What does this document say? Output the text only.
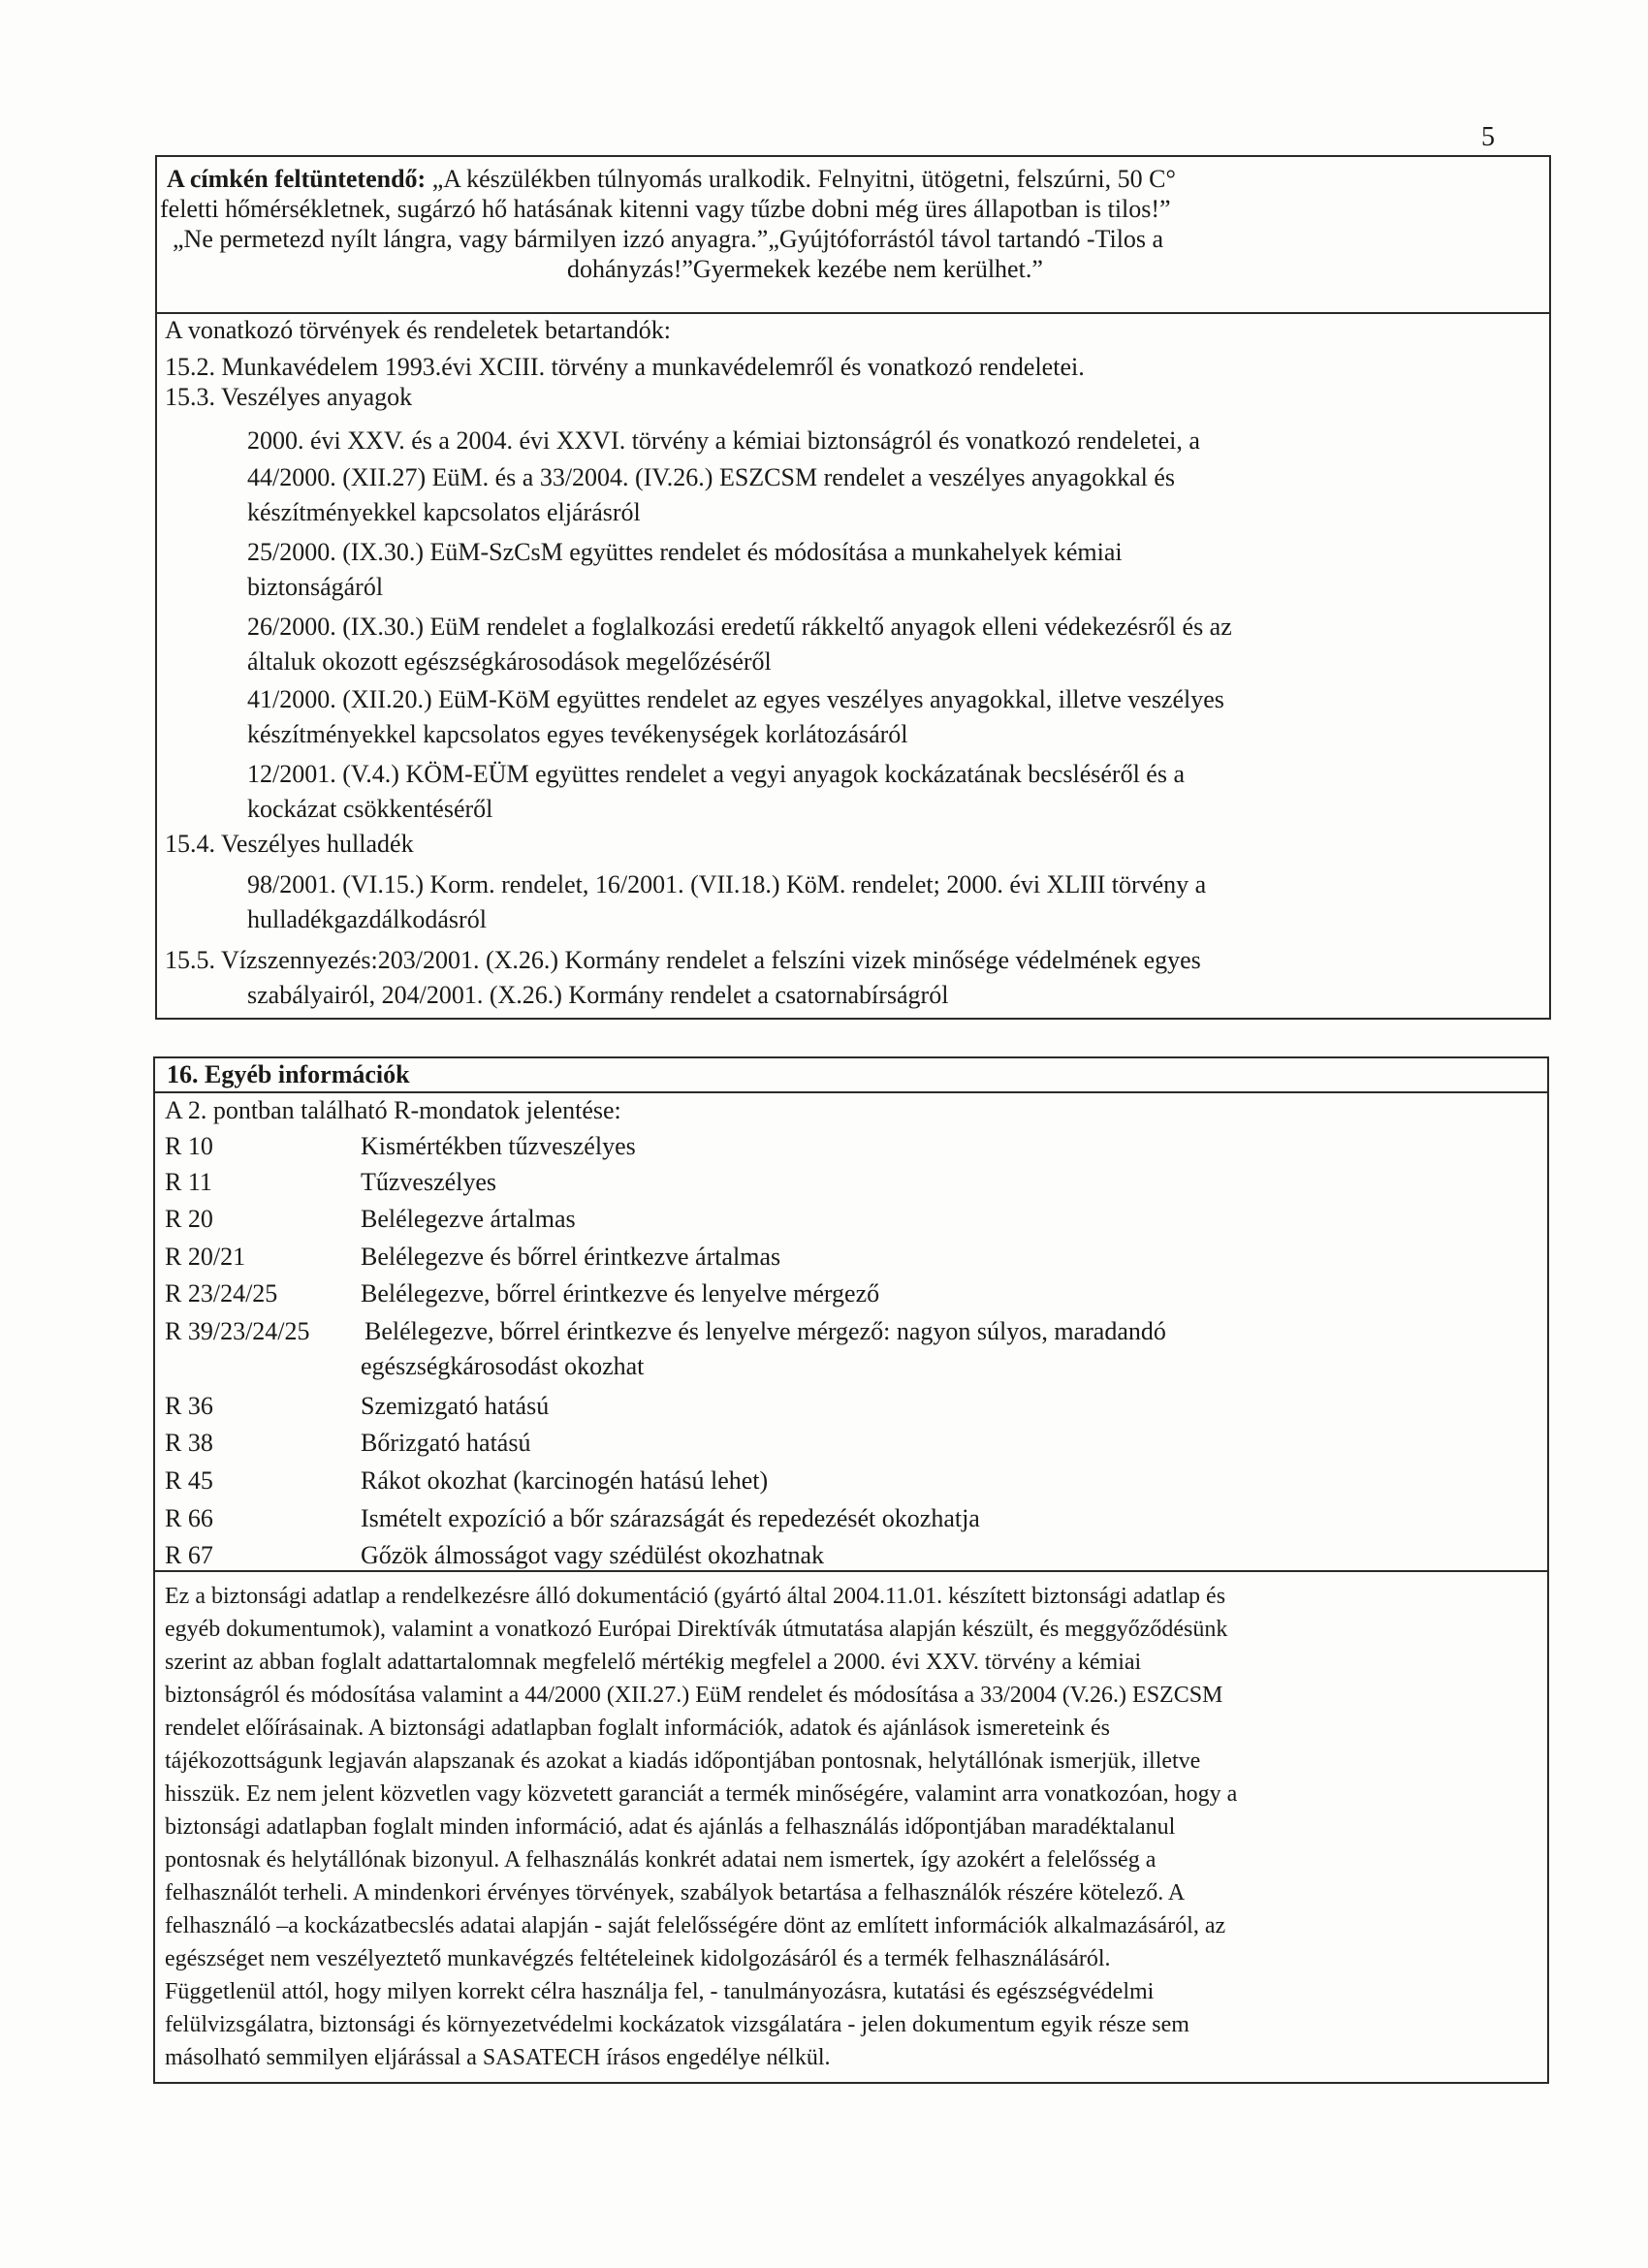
5
A címkén feltüntetendő: „A készülékben túlnyomás uralkodik. Felnyitni, ütögetni, felszúrni, 50 C°
feletti hőmérsékletnek, sugárzó hő hatásának kitenni vagy tűzbe dobni még üres állapotban is tilos!”
„Ne permetezd nyílt lángra, vagy bármilyen izzó anyagra.”„Gyújtóforrástól távol tartandó -Tilos a
dohányzás!”Gyermekek kezébe nem kerülhet.”
A vonatkozó törvények és rendeletek betartandók:
15.2. Munkavédelem 1993.évi XCIII. törvény a munkavédelemről és vonatkozó rendeletei.
15.3. Veszélyes anyagok
2000. évi XXV. és a 2004. évi XXVI. törvény a kémiai biztonságról és vonatkozó rendeletei, a
44/2000. (XII.27) EüM. és a 33/2004. (IV.26.) ESZCSM rendelet a veszélyes anyagokkal és
készítményekkel kapcsolatos eljárásról
25/2000. (IX.30.) EüM-SzCsM együttes rendelet és módosítása a munkahelyek kémiai
biztonságáról
26/2000. (IX.30.) EüM rendelet a foglalkozási eredetű rákkeltő anyagok elleni védekezésről és az
általuk okozott egészségkárosodások megelőzéséről
41/2000. (XII.20.) EüM-KöM együttes rendelet az egyes veszélyes anyagokkal, illetve veszélyes
készítményekkel kapcsolatos egyes tevékenységek korlátozásáról
12/2001. (V.4.) KÖM-EÜM együttes rendelet a vegyi anyagok kockázatának becsléséről és a
kockázat csökkentéséről
15.4. Veszélyes hulladék
98/2001. (VI.15.) Korm. rendelet, 16/2001. (VII.18.) KöM. rendelet; 2000. évi XLIII törvény a
hulladékgazdálkodásról
15.5. Vízszennyezés:203/2001. (X.26.) Kormány rendelet a felszíni vizek minősége védelmének egyes
szabályairól, 204/2001. (X.26.) Kormány rendelet a csatornabírságról
16. Egyéb információk
A 2. pontban található R-mondatok jelentése:
R 10	Kismértékben tűzveszélyes
R 11	Tűzveszélyes
R 20	Belélegezve ártalmas
R 20/21	Belélegezve és bőrrel érintkezve ártalmas
R 23/24/25	Belélegezve, bőrrel érintkezve és lenyelve mérgező
R 39/23/24/25 Belélegezve, bőrrel érintkezve és lenyelve mérgező: nagyon súlyos, maradandó
egészségkárosodást okozhat
R 36	Szemizgató hatású
R 38	Bőrizgató hatású
R 45	Rákot okozhat (karcinogén hatású lehet)
R 66	Ismételt expozíció a bőr szárazságát és repedezését okozhatja
R 67	Gőzök álmosságot vagy szédülést okozhatnak
Ez a biztonsági adatlap a rendelkezésre álló dokumentáció (gyártó által 2004.11.01. készített biztonsági adatlap és
egyéb dokumentumok), valamint a vonatkozó Európai Direktívák útmutatása alapján készült, és meggyőződésünk
szerint az abban foglalt adattartalomnak megfelelő mértékig megfelel a 2000. évi XXV. törvény a kémiai
biztonságról és módosítása valamint a 44/2000 (XII.27.) EüM rendelet és módosítása a 33/2004 (V.26.) ESZCSM
rendelet előírásainak. A biztonsági adatlapban foglalt információk, adatok és ajánlások ismereteink és
tájékozottságunk legjaván alapszanak és azokat a kiadás időpontjában pontosnak, helytállónak ismerjük, illetve
hisszük. Ez nem jelent közvetlen vagy közvetett garanciát a termék minőségére, valamint arra vonatkozóan, hogy a
biztonsági adatlapban foglalt minden információ, adat és ajánlás a felhasználás időpontjában maradéktalanul
pontosnak és helytállónak bizonyul. A felhasználás konkrét adatai nem ismertek, így azokért a felelősség a
felhasználót terheli. A mindenkori érvényes törvények, szabályok betartása a felhasználók részére kötelező. A
felhasználó –a kockázatbecslés adatai alapján - saját felelősségére dönt az említett információk alkalmazásáról, az
egészséget nem veszélyeztető munkavégzés feltételeinek kidolgozásáról és a termék felhasználásáról.
Függetlenül attól, hogy milyen korrekt célra használja fel, - tanulmányozásra, kutatási és egészségvédelmi
felülvizsgálatra, biztonsági és környezetvédelmi kockázatok vizsgálatára - jelen dokumentum egyik része sem
másolható semmilyen eljárással a SASATECH írásos engedélye nélkül.
